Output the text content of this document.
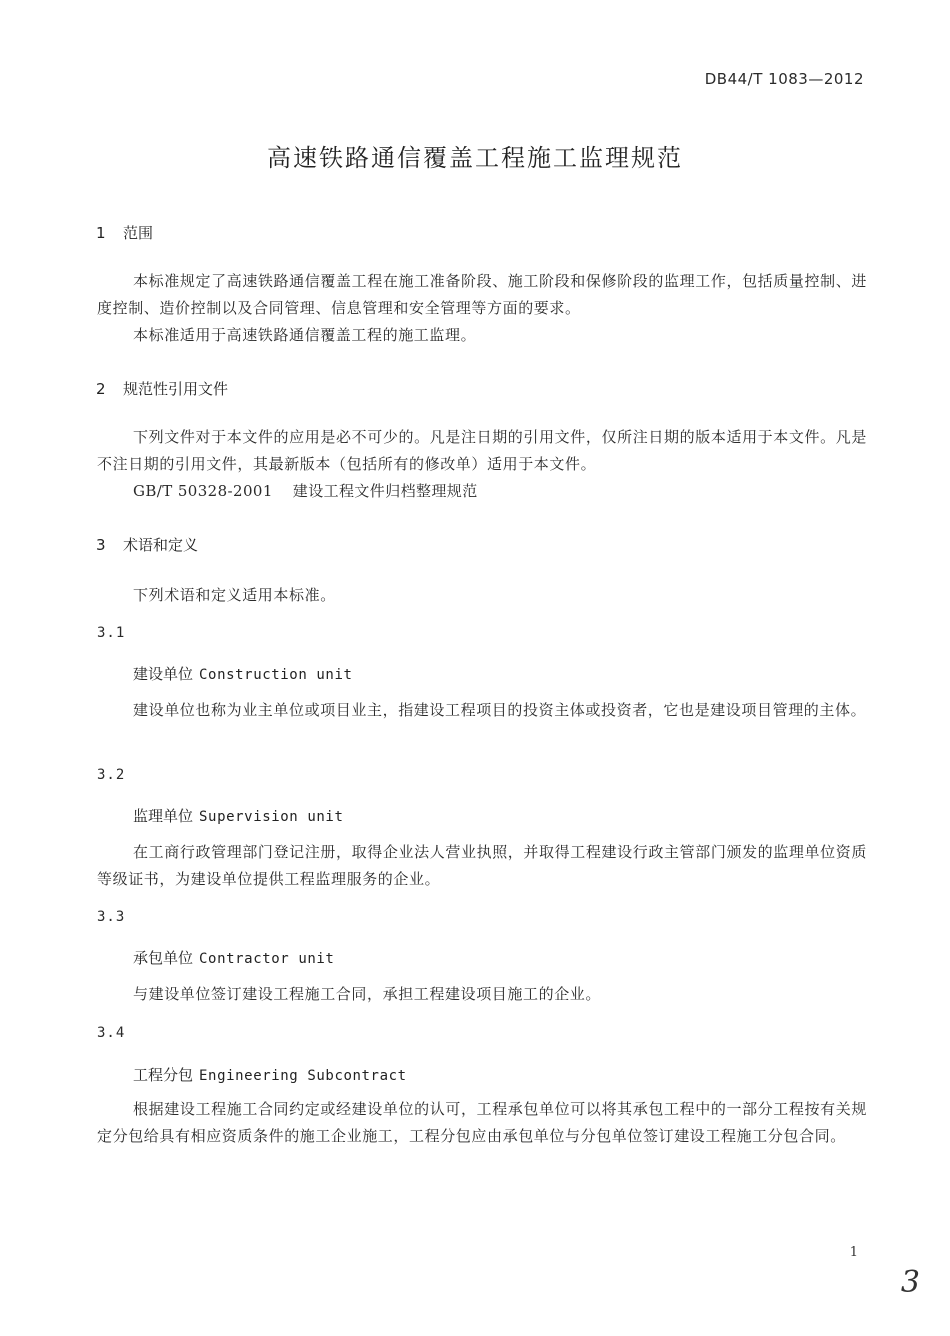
DB44/T 1083—2012
高速铁路通信覆盖工程施工监理规范
1 范围
本标准规定了高速铁路通信覆盖工程在施工准备阶段、施工阶段和保修阶段的监理工作，包括质量控制、进度控制、造价控制以及合同管理、信息管理和安全管理等方面的要求。
本标准适用于高速铁路通信覆盖工程的施工监理。
2 规范性引用文件
下列文件对于本文件的应用是必不可少的。凡是注日期的引用文件，仅所注日期的版本适用于本文件。凡是不注日期的引用文件，其最新版本（包括所有的修改单）适用于本文件。
GB/T 50328-2001 建设工程文件归档整理规范
3 术语和定义
下列术语和定义适用本标准。
3.1
建设单位 Construction unit
建设单位也称为业主单位或项目业主，指建设工程项目的投资主体或投资者，它也是建设项目管理的主体。
3.2
监理单位 Supervision unit
在工商行政管理部门登记注册，取得企业法人营业执照，并取得工程建设行政主管部门颁发的监理单位资质等级证书，为建设单位提供工程监理服务的企业。
3.3
承包单位 Contractor unit
与建设单位签订建设工程施工合同，承担工程建设项目施工的企业。
3.4
工程分包 Engineering Subcontract
根据建设工程施工合同约定或经建设单位的认可，工程承包单位可以将其承包工程中的一部分工程按有关规定分包给具有相应资质条件的施工企业施工，工程分包应由承包单位与分包单位签订建设工程施工分包合同。
1
3
